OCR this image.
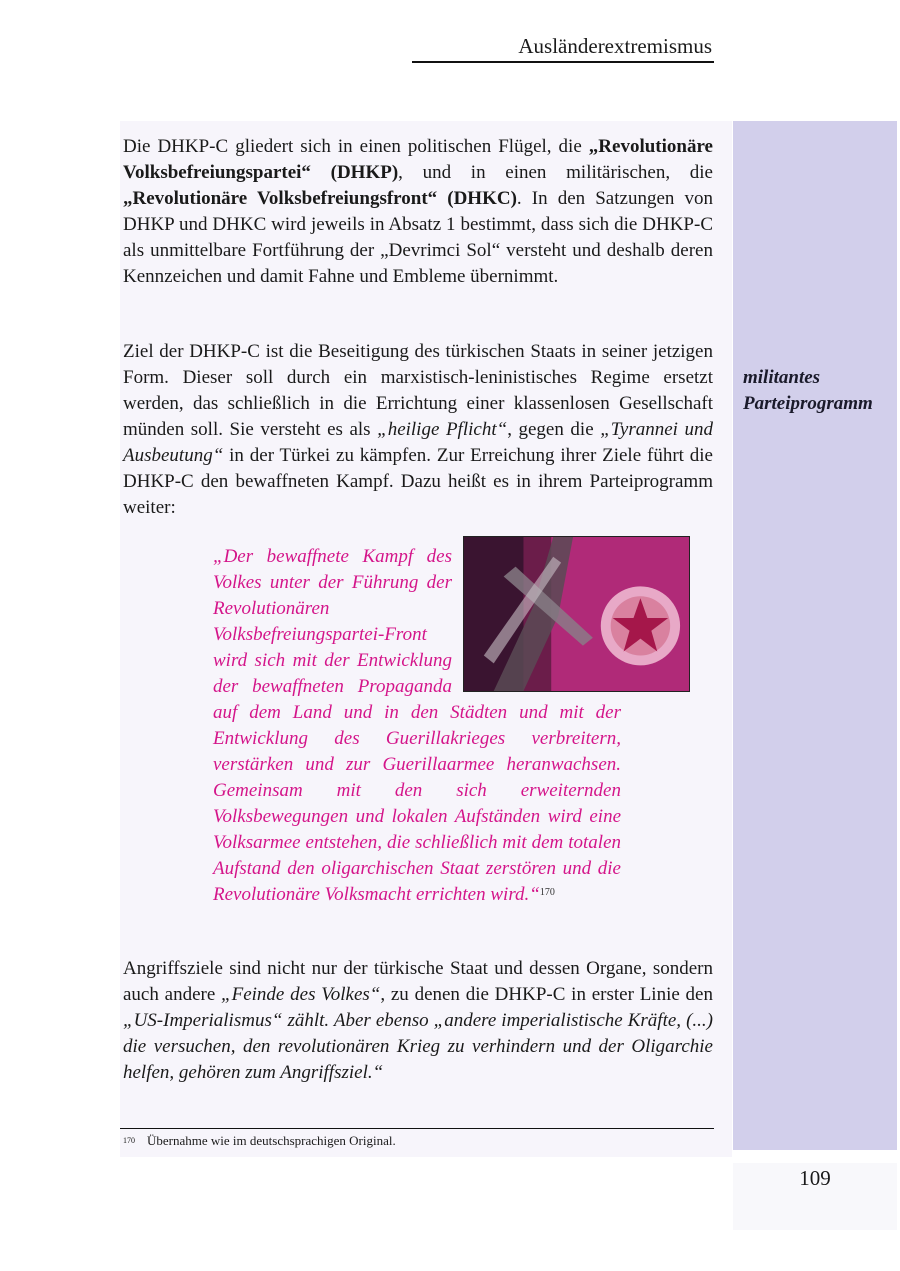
Ausländerextremismus
militantes Parteiprogramm
Die DHKP-C gliedert sich in einen politischen Flügel, die „Revolutionäre Volksbefreiungspartei“ (DHKP), und in einen militärischen, die „Revolutionäre Volksbefreiungsfront“ (DHKC). In den Satzungen von DHKP und DHKC wird jeweils in Absatz 1 bestimmt, dass sich die DHKP-C als unmittelbare Fortführung der „Devrimci Sol“ versteht und deshalb deren Kennzeichen und damit Fahne und Embleme übernimmt.
Ziel der DHKP-C ist die Beseitigung des türkischen Staats in seiner jetzigen Form. Dieser soll durch ein marxistisch-leninistisches Regime ersetzt werden, das schließlich in die Errichtung einer klassenlosen Gesellschaft münden soll. Sie versteht es als „heilige Pflicht“, gegen die „Tyrannei und Ausbeutung“ in der Türkei zu kämpfen. Zur Erreichung ihrer Ziele führt die DHKP-C den bewaffneten Kampf. Dazu heißt es in ihrem Parteiprogramm weiter:
„Der bewaffnete Kampf des Volkes unter der Führung der Revolutionären Volksbefreiungspartei-Front wird sich mit der Entwicklung der bewaffneten Propaganda auf dem Land und in den Städten und mit der Entwicklung des Guerillakrieges verbreitern, verstärken und zur Guerillaarmee heranwachsen. Gemeinsam mit den sich erweiternden Volksbewegungen und lokalen Aufständen wird eine Volksarmee entstehen, die schließlich mit dem totalen Aufstand den oligarchischen Staat zerstören und die Revolutionäre Volksmacht errichten wird.“$^{170}$
Angriffsziele sind nicht nur der türkische Staat und dessen Organe, sondern auch andere „Feinde des Volkes“, zu denen die DHKP-C in erster Linie den „US-Imperialismus“ zählt. Aber ebenso „andere imperialistische Kräfte, (...) die versuchen, den revolutionären Krieg zu verhindern und der Oligarchie helfen, gehören zum Angriffsziel.“
$^{170}$ Übernahme wie im deutschsprachigen Original.
109
